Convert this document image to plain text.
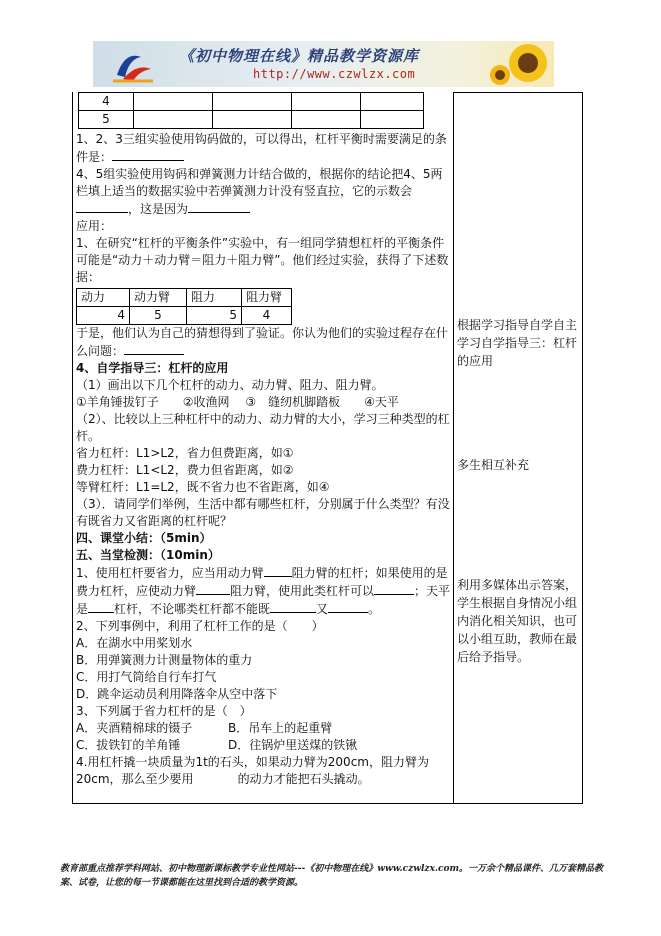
《初中物理在线》精品教学资源库
http://www.czwlzx.com
4				
5				

1、2、3三组实验使用钩码做的，可以得出，杠杆平衡时需要满足的条件是：

4、5组实验使用钩码和弹簧测力计结合做的，根据你的结论把4、5两栏填上适当的数据实验中若弹簧测力计没有竖直拉，它的示数会 ，这是因为

应用：

1、在研究“杠杆的平衡条件”实验中，有一组同学猜想杠杆的平衡条件可能是“动力＋动力臂＝阻力＋阻力臂”。他们经过实验，获得了下述数据：

动力	动力臂	阻力	阻力臂
4	5	5	4

于是，他们认为自己的猜想得到了验证。你认为他们的实验过程存在什么问题：

4、自学指导三：杠杆的应用

（1）画出以下几个杠杆的动力、动力臂、阻力、阻力臂。

①羊角锤拔钉子　　②收渔网　 ③　缝纫机脚踏板　　④天平

（2）、比较以上三种杠杆中的动力、动力臂的大小，学习三种类型的杠杆。

省力杠杆：L1>L2，省力但费距离，如①

费力杠杆：L1<L2，费力但省距离，如②

等臂杠杆：L1=L2，既不省力也不省距离，如④

（3）．请同学们举例，生活中都有哪些杠杆，分别属于什么类型？有没有既省力又省距离的杠杆呢？

四、课堂小结：（5min）

五、当堂检测：（10min）

1、使用杠杆要省力，应当用动力臂 阻力臂的杠杆；如果使用的是费力杠杆，应使动力臂	阻力臂，使用此类杠杆可以	；天平是 杠杆，不论哪类杠杆都不能既	又	。

2、下列事例中，利用了杠杆工作的是（　　）

A．在湖水中用桨划水

B．用弹簧测力计测量物体的重力

C．用打气筒给自行车打气

D．跳伞运动员利用降落伞从空中落下

3、下列属于省力杠杆的是（　）

A．夹酒精棉球的镊子	B．吊车上的起重臂

C．拔铁钉的羊角锤	D．往锅炉里送煤的铁锹

4.用杠杆撬一块质量为1t的石头，如果动力臂为200cm，阻力臂为20cm，那么至少要用	的动力才能把石头撬动。

根据学习指导自学自主学习自学指导三：杠杆的应用
多生相互补充
利用多媒体出示答案，学生根据自身情况小组内消化相关知识，也可以小组互助，教师在最后给予指导。
教育部重点推荐学科网站、初中物理新课标教学专业性网站---《初中物理在线》www.czwlzx.com。一万余个精品课件、几万套精品教案、试卷，让您的每一节课都能在这里找到合适的教学资源。
